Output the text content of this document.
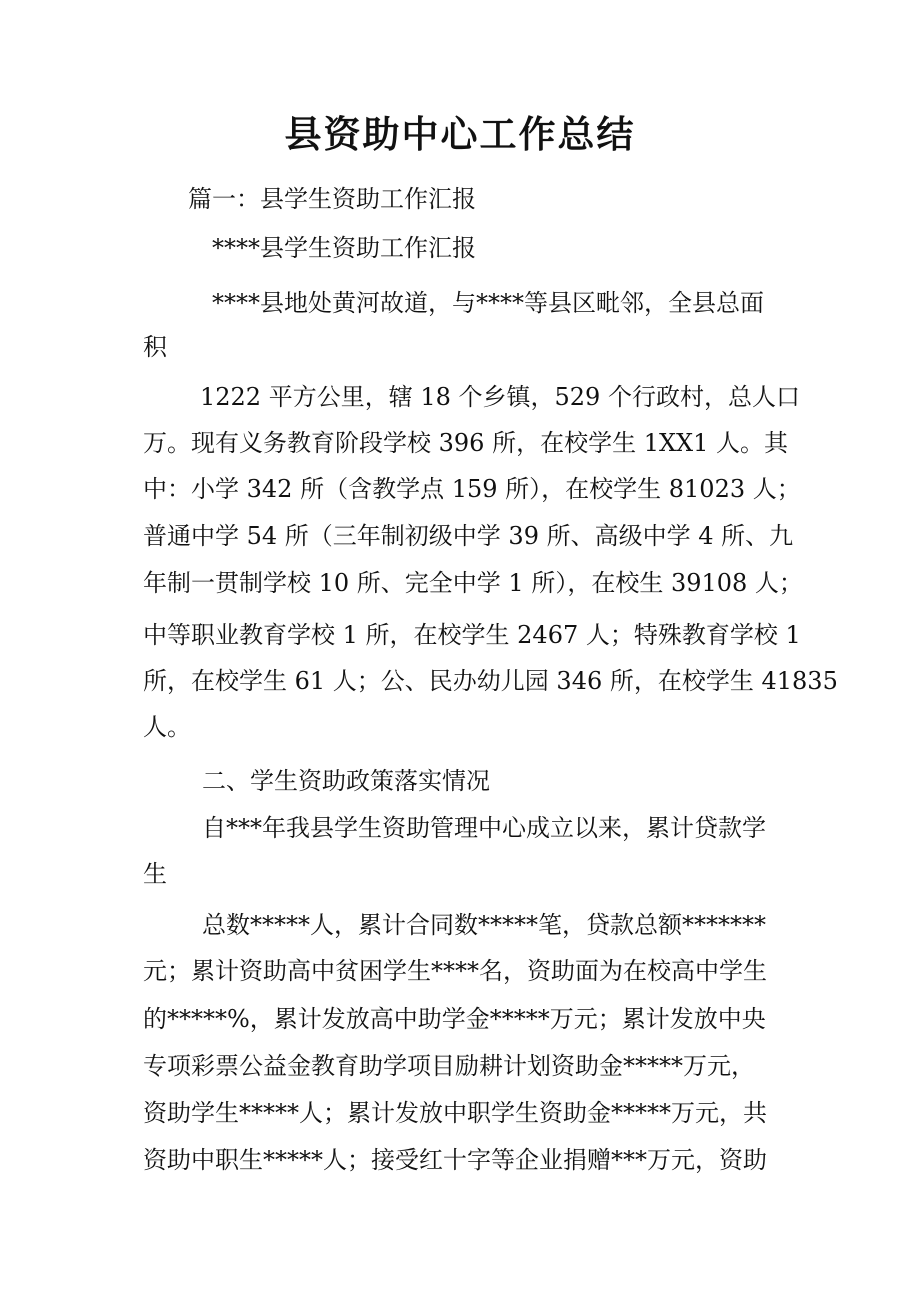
县资助中心工作总结
篇一：县学生资助工作汇报
****县学生资助工作汇报
****县地处黄河故道，与****等县区毗邻，全县总面
积
1222 平方公里，辖 18 个乡镇，529 个行政村，总人口
万。现有义务教育阶段学校 396 所，在校学生 1XX1 人。其
中：小学 342 所（含教学点 159 所），在校学生 81023 人；
普通中学 54 所（三年制初级中学 39 所、高级中学 4 所、九
年制一贯制学校 10 所、完全中学 1 所），在校生 39108 人；
中等职业教育学校 1 所，在校学生 2467 人；特殊教育学校 1
所，在校学生 61 人；公、民办幼儿园 346 所，在校学生 41835
人。
二、学生资助政策落实情况
自***年我县学生资助管理中心成立以来，累计贷款学
生
总数*****人，累计合同数*****笔，贷款总额*******
元；累计资助高中贫困学生****名，资助面为在校高中学生
的*****%，累计发放高中助学金*****万元；累计发放中央
专项彩票公益金教育助学项目励耕计划资助金*****万元，
资助学生*****人；累计发放中职学生资助金*****万元，共
资助中职生*****人；接受红十字等企业捐赠***万元，资助
